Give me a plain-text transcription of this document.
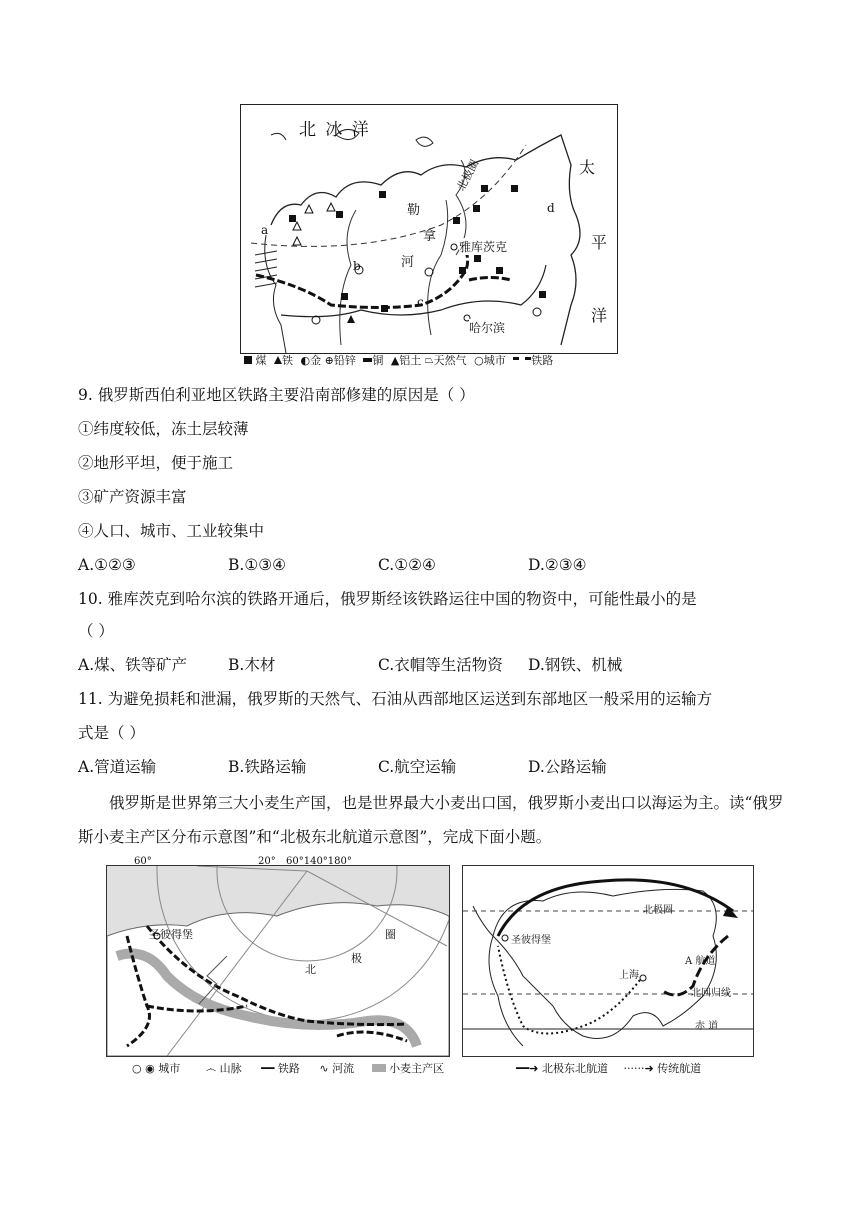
北 冰 洋
太
平
洋
北极圈
勒
拿
河
雅库茨克
哈尔滨
a
b
c
d
煤 铁 ◐金 ⊕铅锌 铜 ▲铝土 ⏢天然气 ○城市 铁路
9. 俄罗斯西伯利亚地区铁路主要沿南部修建的原因是（ ）
①纬度较低，冻土层较薄
②地形平坦，便于施工
③矿产资源丰富
④人口、城市、工业较集中
A.①②③	B.①③④	C.①②④	D.②③④
10. 雅库茨克到哈尔滨的铁路开通后，俄罗斯经该铁路运往中国的物资中，可能性最小的是
（ ）
A.煤、铁等矿产	B.木材	C.衣帽等生活物资 D.钢铁、机械
11. 为避免损耗和泄漏，俄罗斯的天然气、石油从西部地区运送到东部地区一般采用的运输方
式是（ ）
A.管道运输	B.铁路运输	C.航空运输	D.公路运输
俄罗斯是世界第三大小麦生产国，也是世界最大小麦出口国，俄罗斯小麦出口以海运为主。读“俄罗斯小麦主产区分布示意图”和“北极东北航道示意图”，完成下面小题。
圣彼得堡
北
极
圈
60°	20° 60°140°180°
北极圈
圣彼得堡
上海
A 航道
北回归线
赤 道
○ ◉ 城市 ෴ 山脉 ━━ 铁路 ∿ 河流	小麦主产区	━━➜ 北极东北航道 ······➜ 传统航道
